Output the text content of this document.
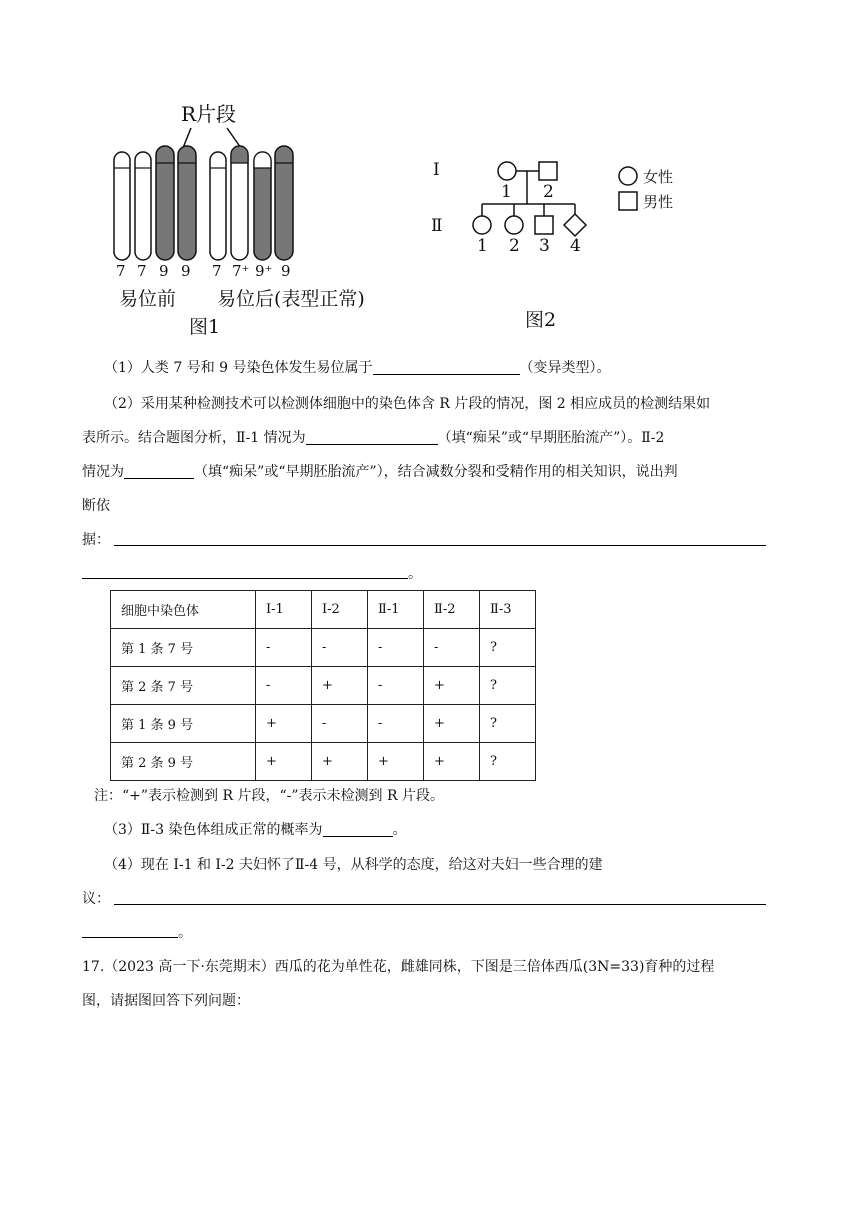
R片段
7 7 9 9 7 7⁺ 9⁺ 9
易位前 易位后(表型正常)
图1
Ⅰ
Ⅱ
1 2
1 2 3 4
女性
男性
图2
（1）人类 7 号和 9 号染色体发生易位属于	（变异类型）。
（2）采用某种检测技术可以检测体细胞中的染色体含 R 片段的情况，图 2 相应成员的检测结果如
表所示。结合题图分析，Ⅱ-1 情况为	（填“痴呆”或“早期胚胎流产”）。Ⅱ-2
情况为	（填“痴呆”或“早期胚胎流产”），结合减数分裂和受精作用的相关知识，说出判
断依
据：
。
细胞中染色体	I-1	I-2	Ⅱ-1	Ⅱ-2	Ⅱ-3
第 1 条 7 号	-	-	-	-	?
第 2 条 7 号	-	+	-	+	?
第 1 条 9 号	+	-	-	+	?
第 2 条 9 号	+	+	+	+	?
注：“+”表示检测到 R 片段，“-”表示未检测到 R 片段。
（3）Ⅱ-3 染色体组成正常的概率为	。
（4）现在 I-1 和 I-2 夫妇怀了Ⅱ-4 号，从科学的态度，给这对夫妇一些合理的建
议：
。
17.（2023 高一下·东莞期末）西瓜的花为单性花，雌雄同株，下图是三倍体西瓜(3N=33)育种的过程
图，请据图回答下列问题：
